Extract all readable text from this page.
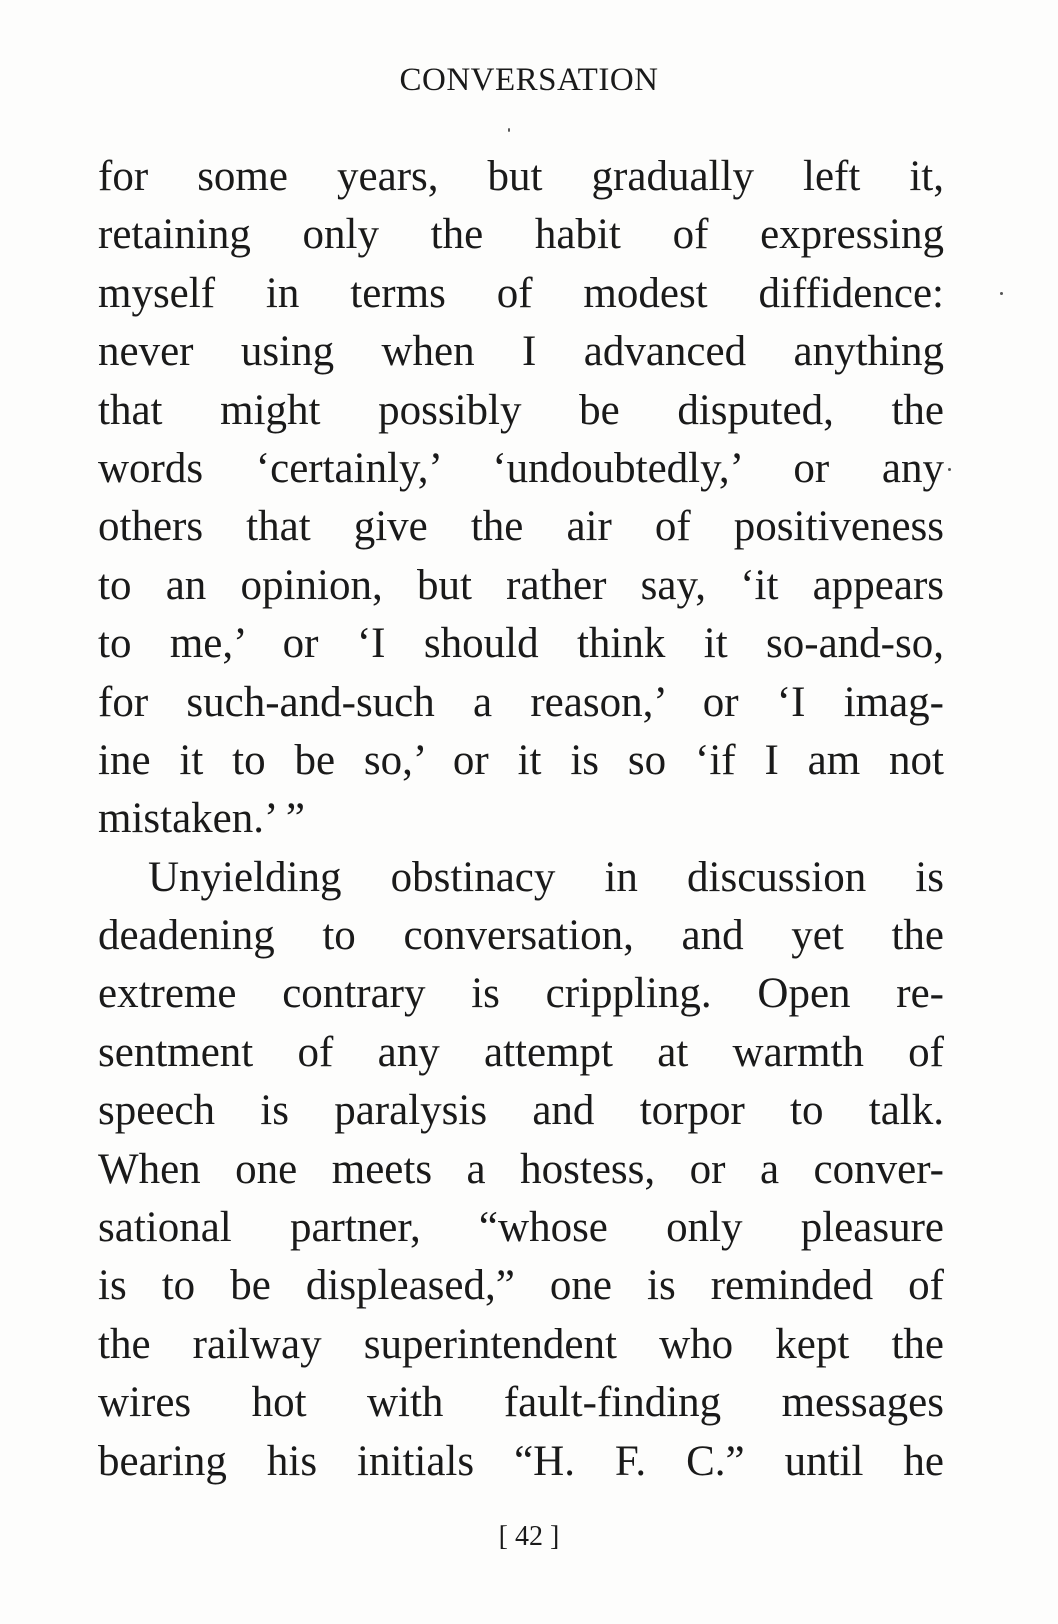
CONVERSATION
for some years, but gradually left it,
retaining only the habit of expressing
myself in terms of modest diffidence:
never using when I advanced anything
that might possibly be disputed, the
words ‘certainly,’ ‘undoubtedly,’ or any
others that give the air of positiveness
to an opinion, but rather say, ‘it appears
to me,’ or ‘I should think it so-and-so,
for such-and-such a reason,’ or ‘I imag-
ine it to be so,’ or it is so ‘if I am not
mistaken.’ ”
Unyielding obstinacy in discussion is
deadening to conversation, and yet the
extreme contrary is crippling. Open re-
sentment of any attempt at warmth of
speech is paralysis and torpor to talk.
When one meets a hostess, or a conver-
sational partner, “whose only pleasure
is to be displeased,” one is reminded of
the railway superintendent who kept the
wires hot with fault-finding messages
bearing his initials “H. F. C.” until he
[ 42 ]
